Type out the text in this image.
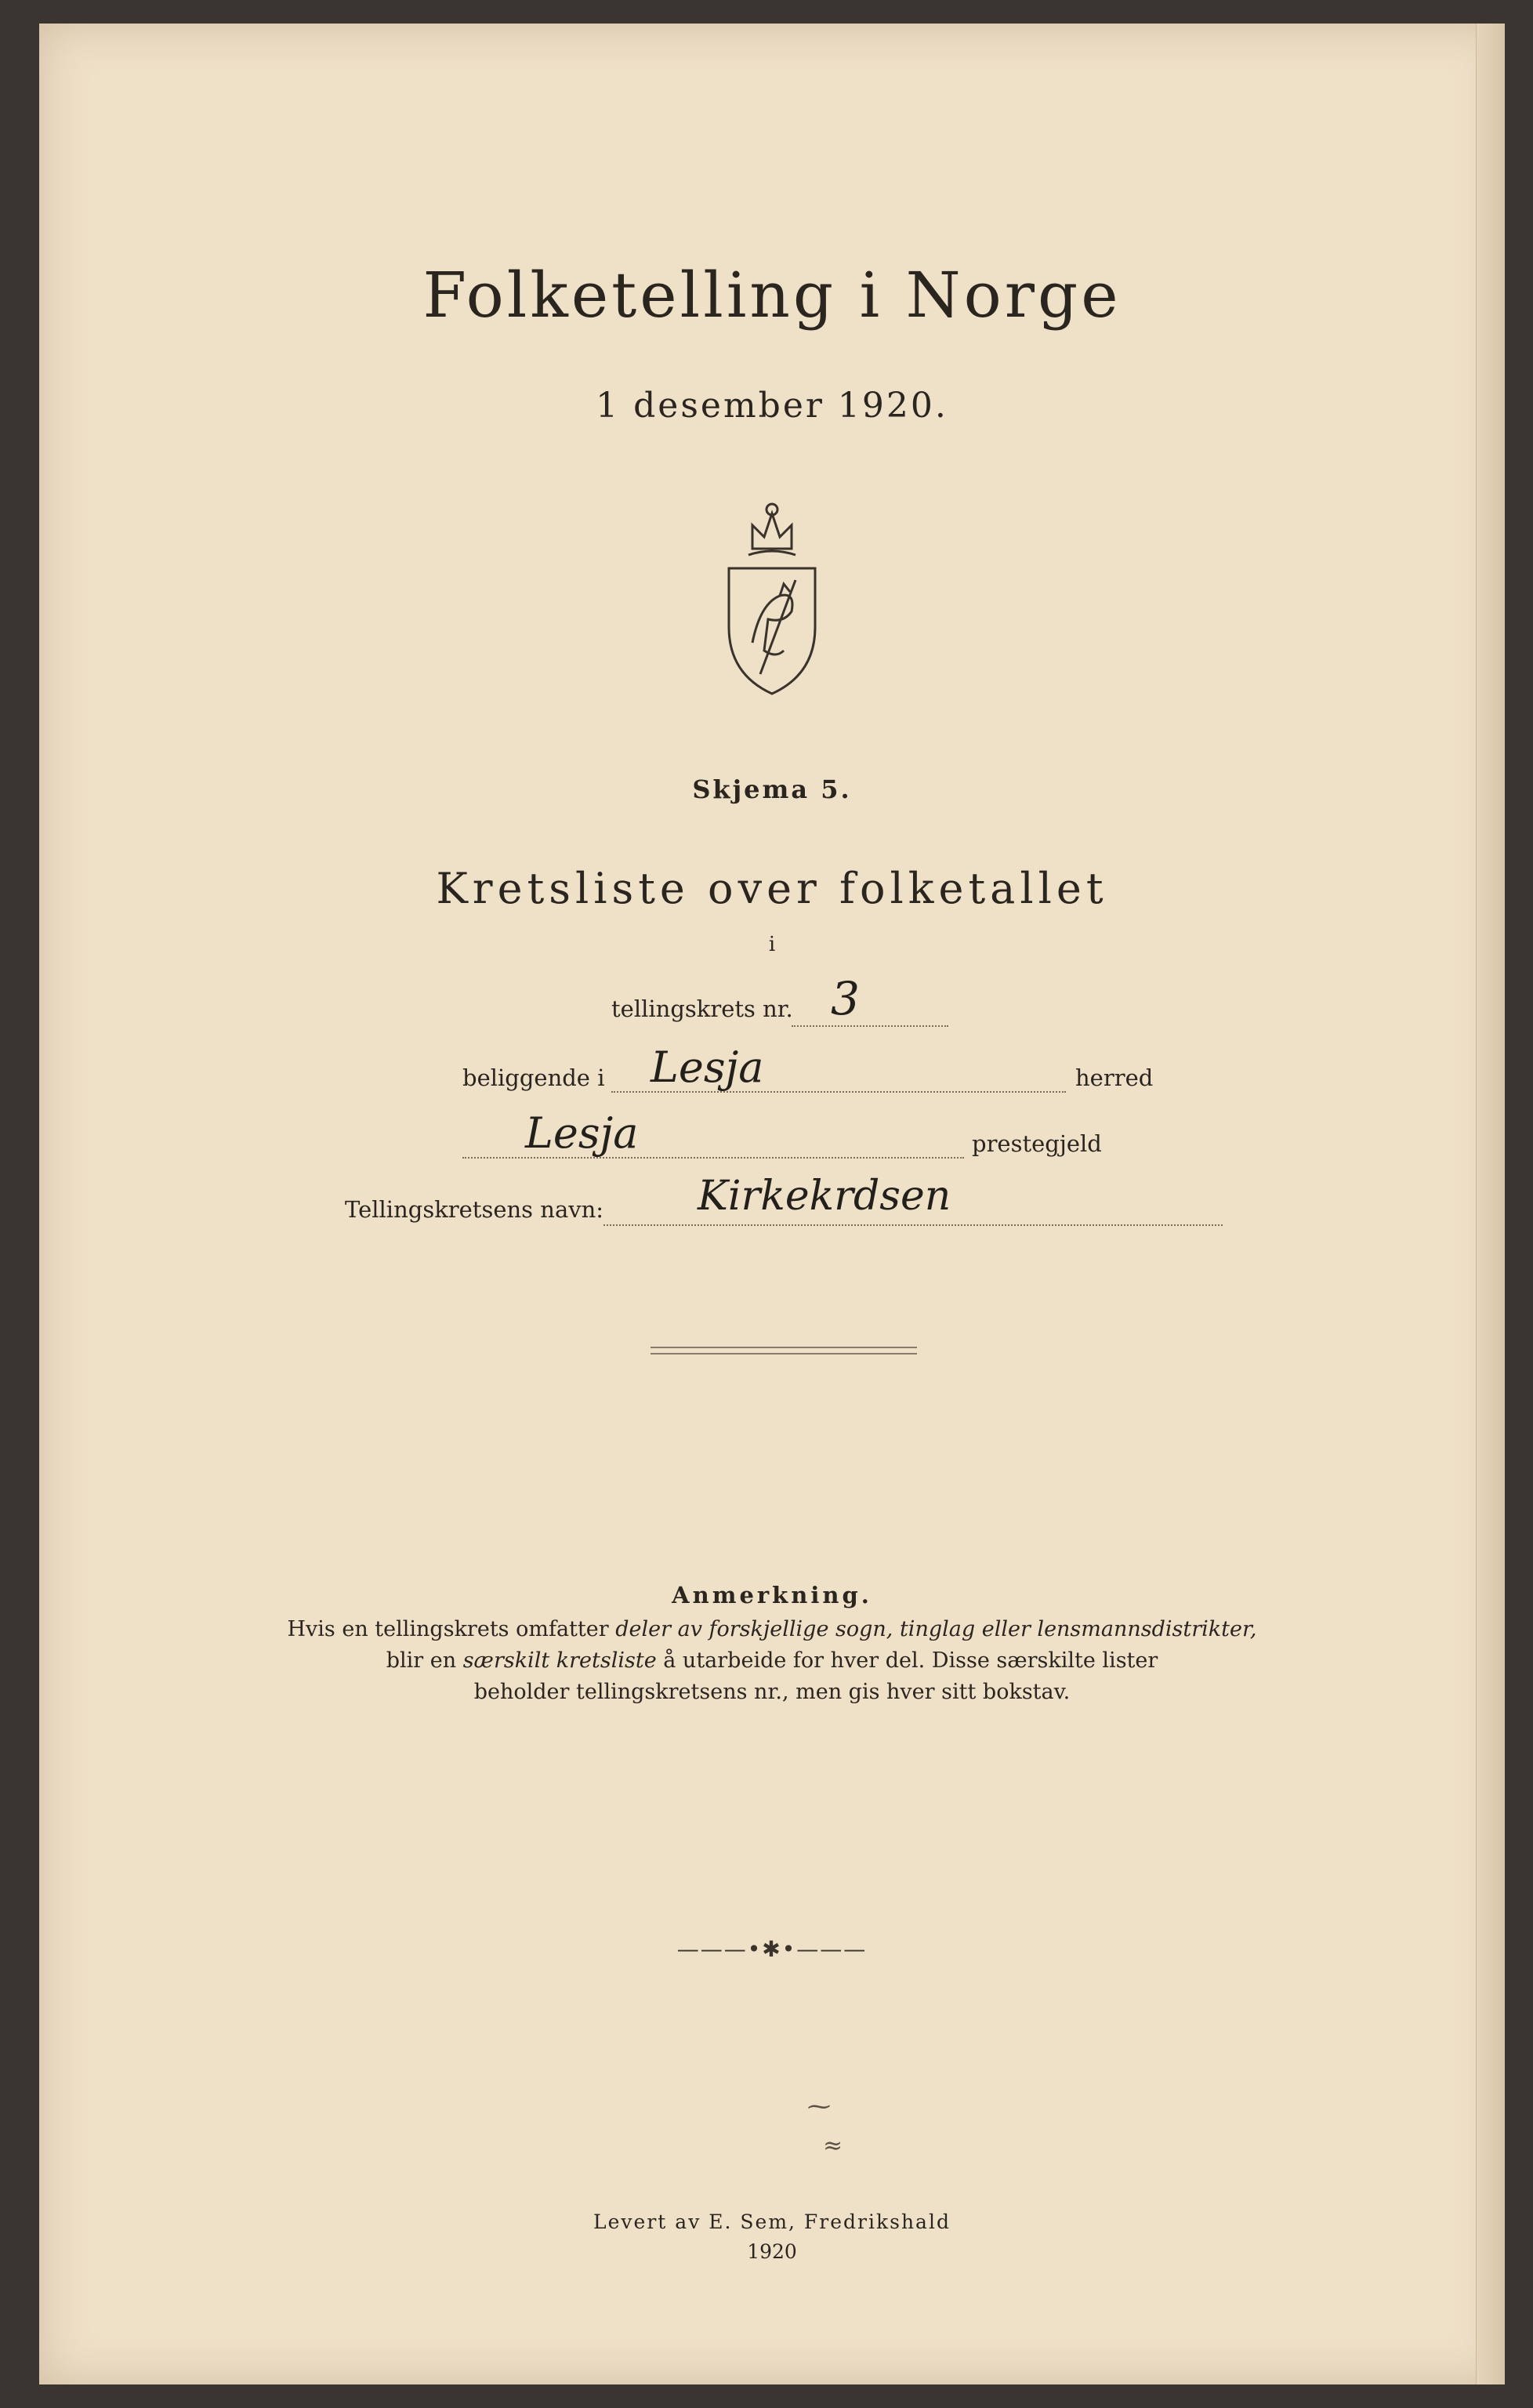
Folketelling i Norge
1 desember 1920.
Skjema 5.
Kretsliste over folketallet
i
tellingskrets nr. 3
beliggende i Lesja	herred
Lesja	prestegjeld
Tellingskretsens navn: Kirkekrdsen
Anmerkning.
Hvis en tellingskrets omfatter deler av forskjellige sogn, tinglag eller lensmannsdistrikter,
blir en særskilt kretsliste å utarbeide for hver del. Disse særskilte lister
beholder tellingskretsens nr., men gis hver sitt bokstav.
———•✱•———
⁓
≈
Levert av E. Sem, Fredrikshald
1920
